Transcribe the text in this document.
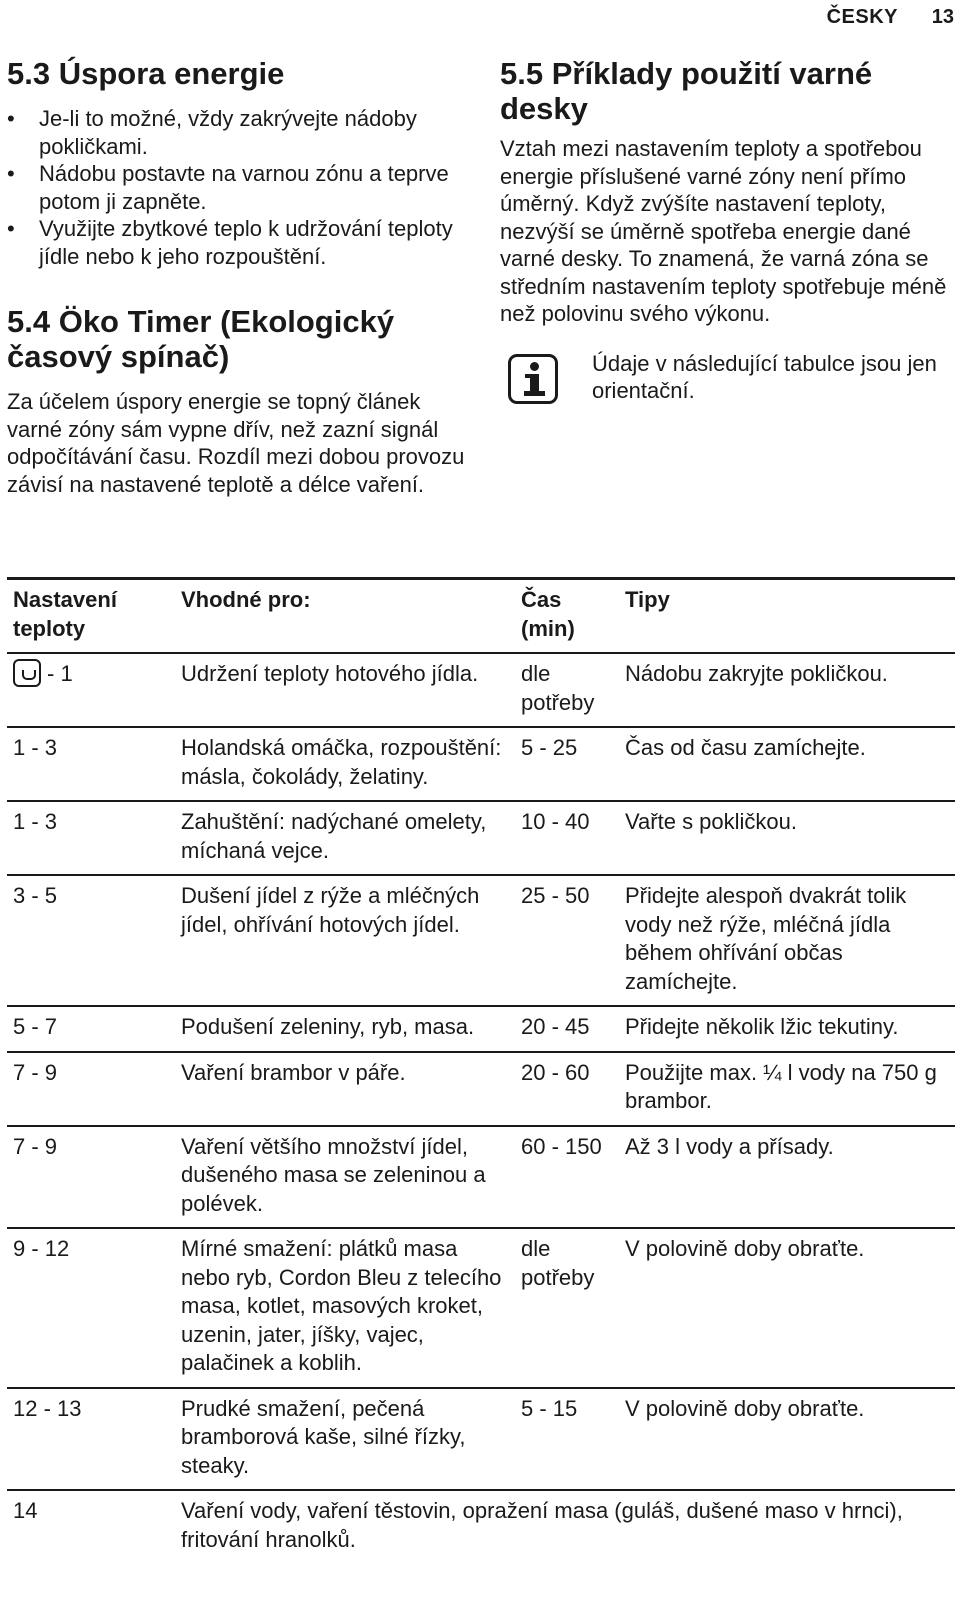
ČESKY 13
5.3 Úspora energie
• Je-li to možné, vždy zakrývejte nádoby pokličkami.
• Nádobu postavte na varnou zónu a teprve potom ji zapněte.
• Využijte zbytkové teplo k udržování teploty jídle nebo k jeho rozpouštění.
5.4 Öko Timer (Ekologický časový spínač)

Za účelem úspory energie se topný článek varné zóny sám vypne dřív, než zazní signál odpočítávání času. Rozdíl mezi dobou provozu závisí na nastavené teplotě a délce vaření.

5.5 Příklady použití varné desky

Vztah mezi nastavením teploty a spotřebou energie příslušené varné zóny není přímo úměrný. Když zvýšíte nastavení teploty, nezvýší se úměrně spotřeba energie dané varné desky. To znamená, že varná zóna se středním nastavením teploty spotřebuje méně než polovinu svého výkonu.

Údaje v následující tabulce jsou jen orientační.
Nastavení teploty	Vhodné pro:	Čas (min)	Tipy
- 1	Udržení teploty hotového jídla.	dle potřeby	Nádobu zakryjte pokličkou.
1 - 3	Holandská omáčka, rozpouštění: másla, čokolády, želatiny.	5 - 25	Čas od času zamíchejte.
1 - 3	Zahuštění: nadýchané omelety, míchaná vejce.	10 - 40	Vařte s pokličkou.
3 - 5	Dušení jídel z rýže a mléčných jídel, ohřívání hotových jídel.	25 - 50	Přidejte alespoň dvakrát tolik vody než rýže, mléčná jídla během ohřívání občas zamíchejte.
5 - 7	Podušení zeleniny, ryb, masa.	20 - 45	Přidejte několik lžic tekutiny.
7 - 9	Vaření brambor v páře.	20 - 60	Použijte max. ¼ l vody na 750 g brambor.
7 - 9	Vaření většího množství jídel, dušeného masa se zeleninou a polévek.	60 - 150	Až 3 l vody a přísady.
9 - 12	Mírné smažení: plátků masa nebo ryb, Cordon Bleu z telecího masa, kotlet, masových kroket, uzenin, jater, jíšky, vajec, palačinek a koblih.	dle potřeby	V polovině doby obraťte.
12 - 13	Prudké smažení, pečená bramborová kaše, silné řízky, steaky.	5 - 15	V polovině doby obraťte.
14	Vaření vody, vaření těstovin, opražení masa (guláš, dušené maso v hrnci), fritování hranolků.		
